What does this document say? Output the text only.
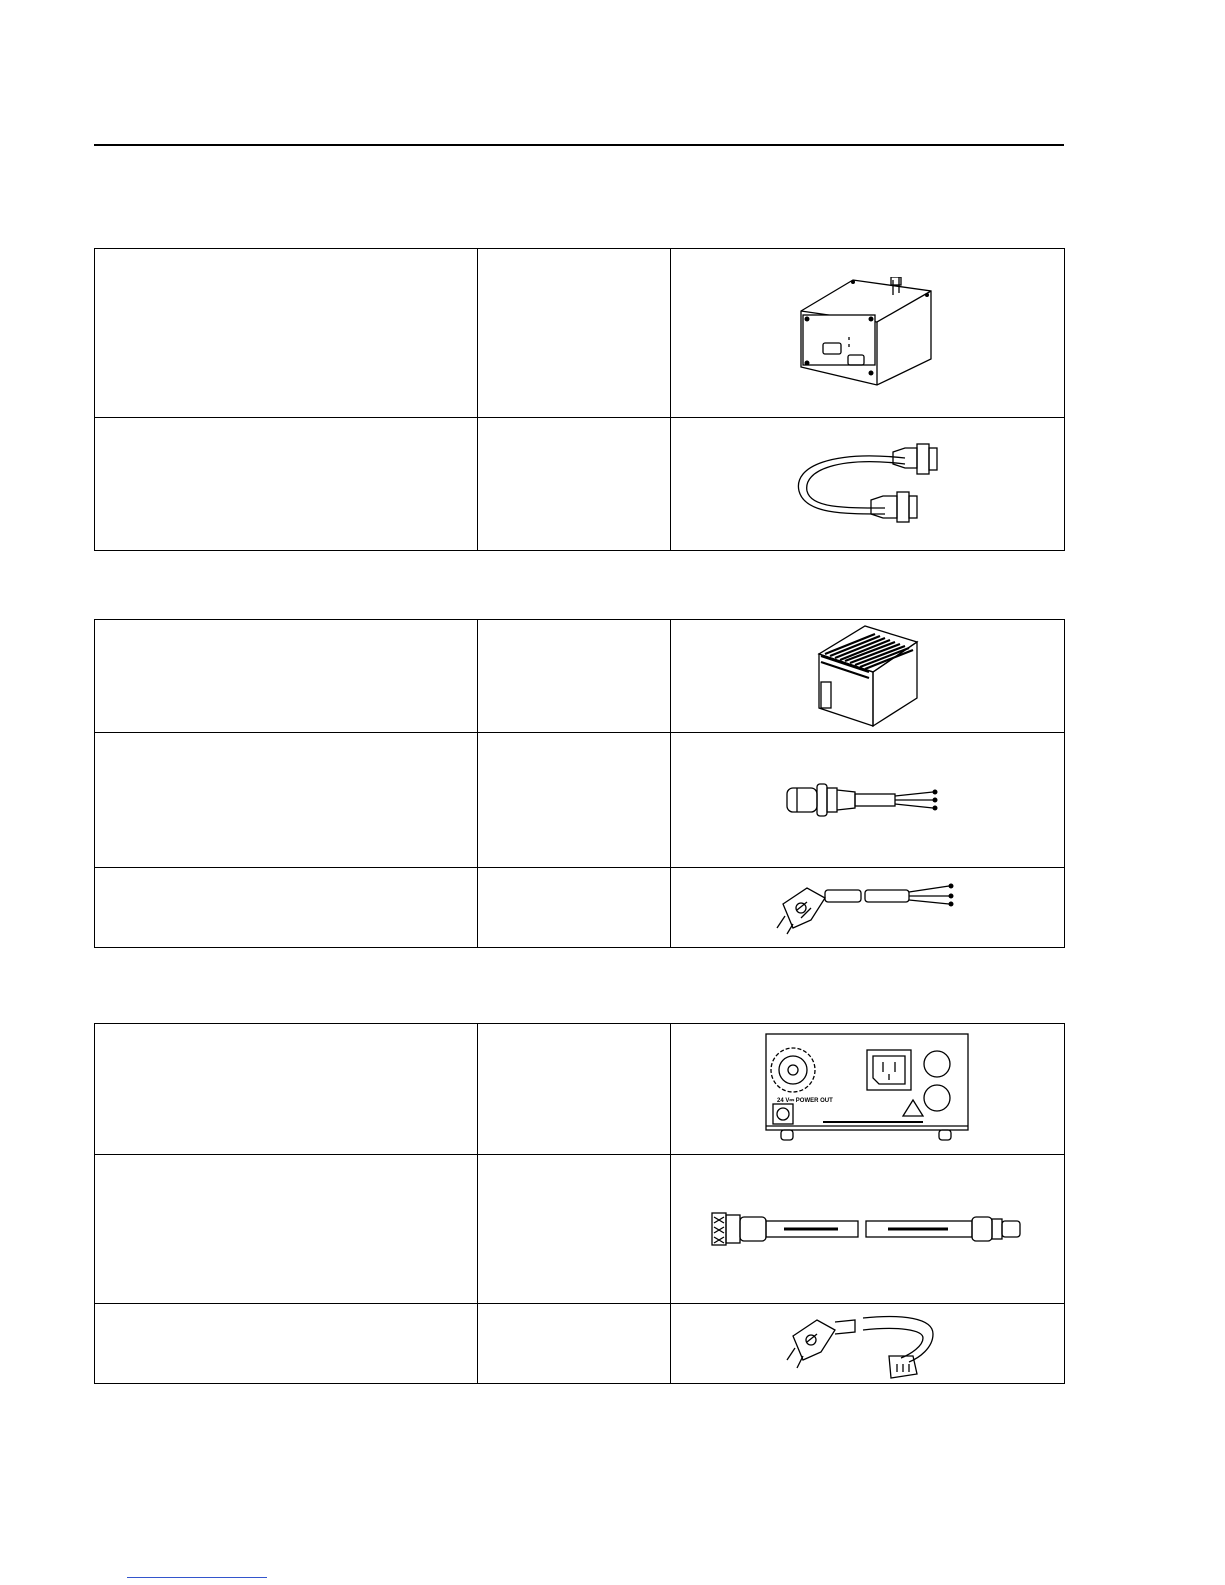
24 V⎓ POWER OUT
